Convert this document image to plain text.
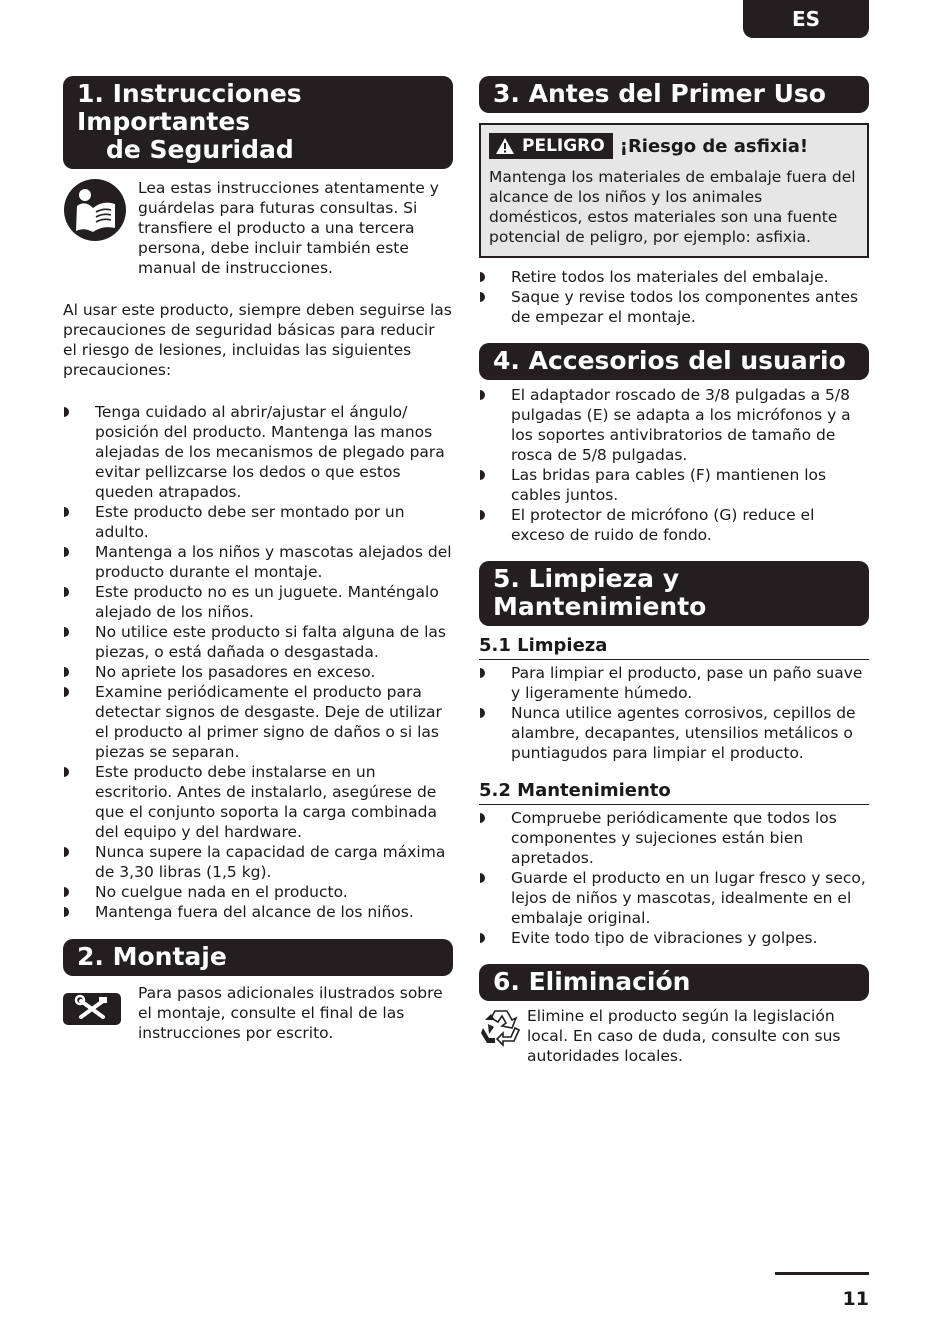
ES
1. Instrucciones Importantes
de Seguridad

Lea estas instrucciones atentamente y guárdelas para futuras consultas. Si transfiere el producto a una tercera persona, debe incluir también este manual de instrucciones.

Al usar este producto, siempre deben seguirse las precauciones de seguridad básicas para reducir el riesgo de lesiones, incluidas las siguientes precauciones:

Tenga cuidado al abrir/ajustar el ángulo/ posición del producto. Mantenga las manos alejadas de los mecanismos de plegado para evitar pellizcarse los dedos o que estos queden atrapados.
Este producto debe ser montado por un adulto.
Mantenga a los niños y mascotas alejados del producto durante el montaje.
Este producto no es un juguete. Manténgalo alejado de los niños.
No utilice este producto si falta alguna de las piezas, o está dañada o desgastada.
No apriete los pasadores en exceso.
Examine periódicamente el producto para detectar signos de desgaste. Deje de utilizar el producto al primer signo de daños o si las piezas se separan.
Este producto debe instalarse en un escritorio. Antes de instalarlo, asegúrese de que el conjunto soporta la carga combinada del equipo y del hardware.
Nunca supere la capacidad de carga máxima de 3,30 libras (1,5 kg).
No cuelgue nada en el producto.
Mantenga fuera del alcance de los niños.
2. Montaje

Para pasos adicionales ilustrados sobre el montaje, consulte el final de las instrucciones por escrito.

3. Antes del Primer Uso
PELIGRO ¡Riesgo de asfixia!

Mantenga los materiales de embalaje fuera del alcance de los niños y los animales domésticos, estos materiales son una fuente potencial de peligro, por ejemplo: asfixia.

Retire todos los materiales del embalaje.
Saque y revise todos los componentes antes de empezar el montaje.
4. Accesorios del usuario
El adaptador roscado de 3/8 pulgadas a 5/8 pulgadas (E) se adapta a los micrófonos y a los soportes antivibratorios de tamaño de rosca de 5/8 pulgadas.
Las bridas para cables (F) mantienen los cables juntos.
El protector de micrófono (G) reduce el exceso de ruido de fondo.
5. Limpieza y Mantenimiento
5.1 Limpieza
Para limpiar el producto, pase un paño suave y ligeramente húmedo.
Nunca utilice agentes corrosivos, cepillos de alambre, decapantes, utensilios metálicos o puntiagudos para limpiar el producto.
5.2 Mantenimiento
Compruebe periódicamente que todos los componentes y sujeciones están bien apretados.
Guarde el producto en un lugar fresco y seco, lejos de niños y mascotas, idealmente en el embalaje original.
Evite todo tipo de vibraciones y golpes.
6. Eliminación

Elimine el producto según la legislación local. En caso de duda, consulte con sus autoridades locales.

11
